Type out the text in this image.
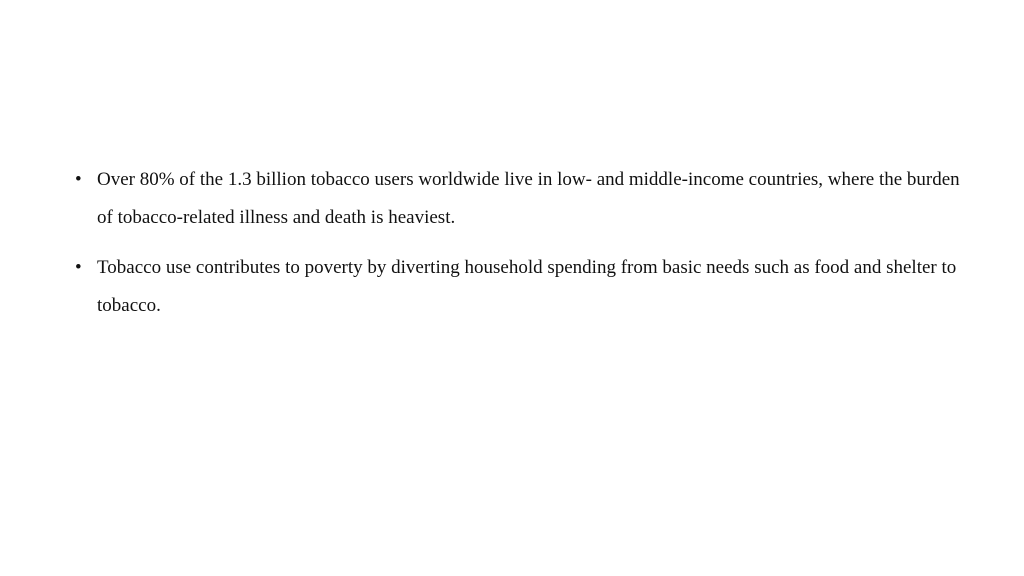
• Over 80% of the 1.3 billion tobacco users worldwide live in low- and middle-income countries, where the burden of tobacco-related illness and death is heaviest.
• Tobacco use contributes to poverty by diverting household spending from basic needs such as food and shelter to tobacco.
